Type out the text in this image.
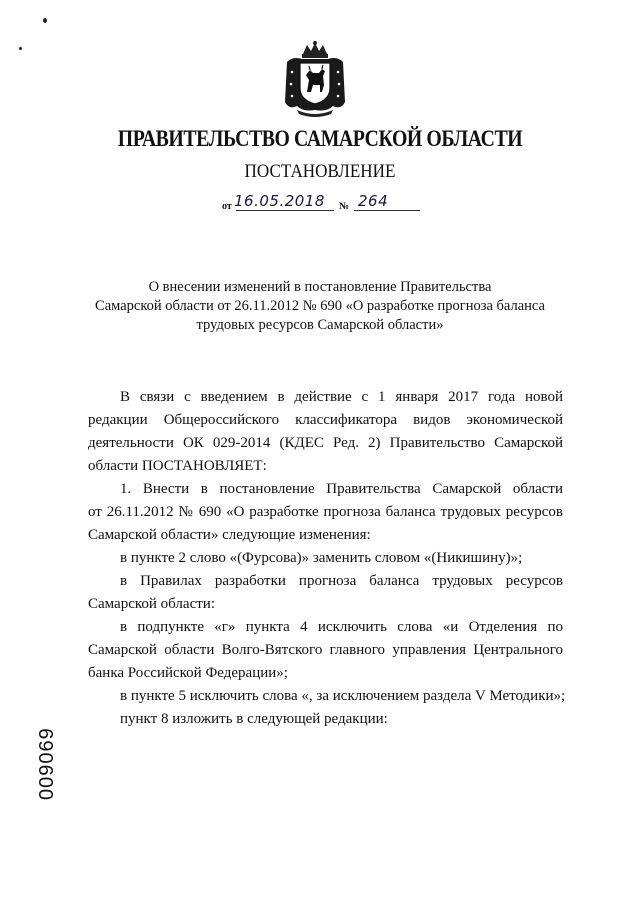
ПРАВИТЕЛЬСТВО САМАРСКОЙ ОБЛАСТИ
ПОСТАНОВЛЕНИЕ
от 16.05.2018 № 264
О внесении изменений в постановление Правительства
Самарской области от 26.11.2012 № 690 «О разработке прогноза баланса
трудовых ресурсов Самарской области»
В связи с введением в действие с 1 января 2017 года новой
редакции Общероссийского классификатора видов экономической
деятельности ОК 029-2014 (КДЕС Ред. 2) Правительство Самарской
области ПОСТАНОВЛЯЕТ:
1. Внести в постановление Правительства Самарской области
от 26.11.2012 № 690 «О разработке прогноза баланса трудовых ресурсов
Самарской области» следующие изменения:
в пункте 2 слово «(Фурсова)» заменить словом «(Никишину)»;
в Правилах разработки прогноза баланса трудовых ресурсов
Самарской области:
в подпункте «г» пункта 4 исключить слова «и Отделения по
Самарской области Волго-Вятского главного управления Центрального
банка Российской Федерации»;
в пункте 5 исключить слова «, за исключением раздела V Методики»;
пункт 8 изложить в следующей редакции:
009069
